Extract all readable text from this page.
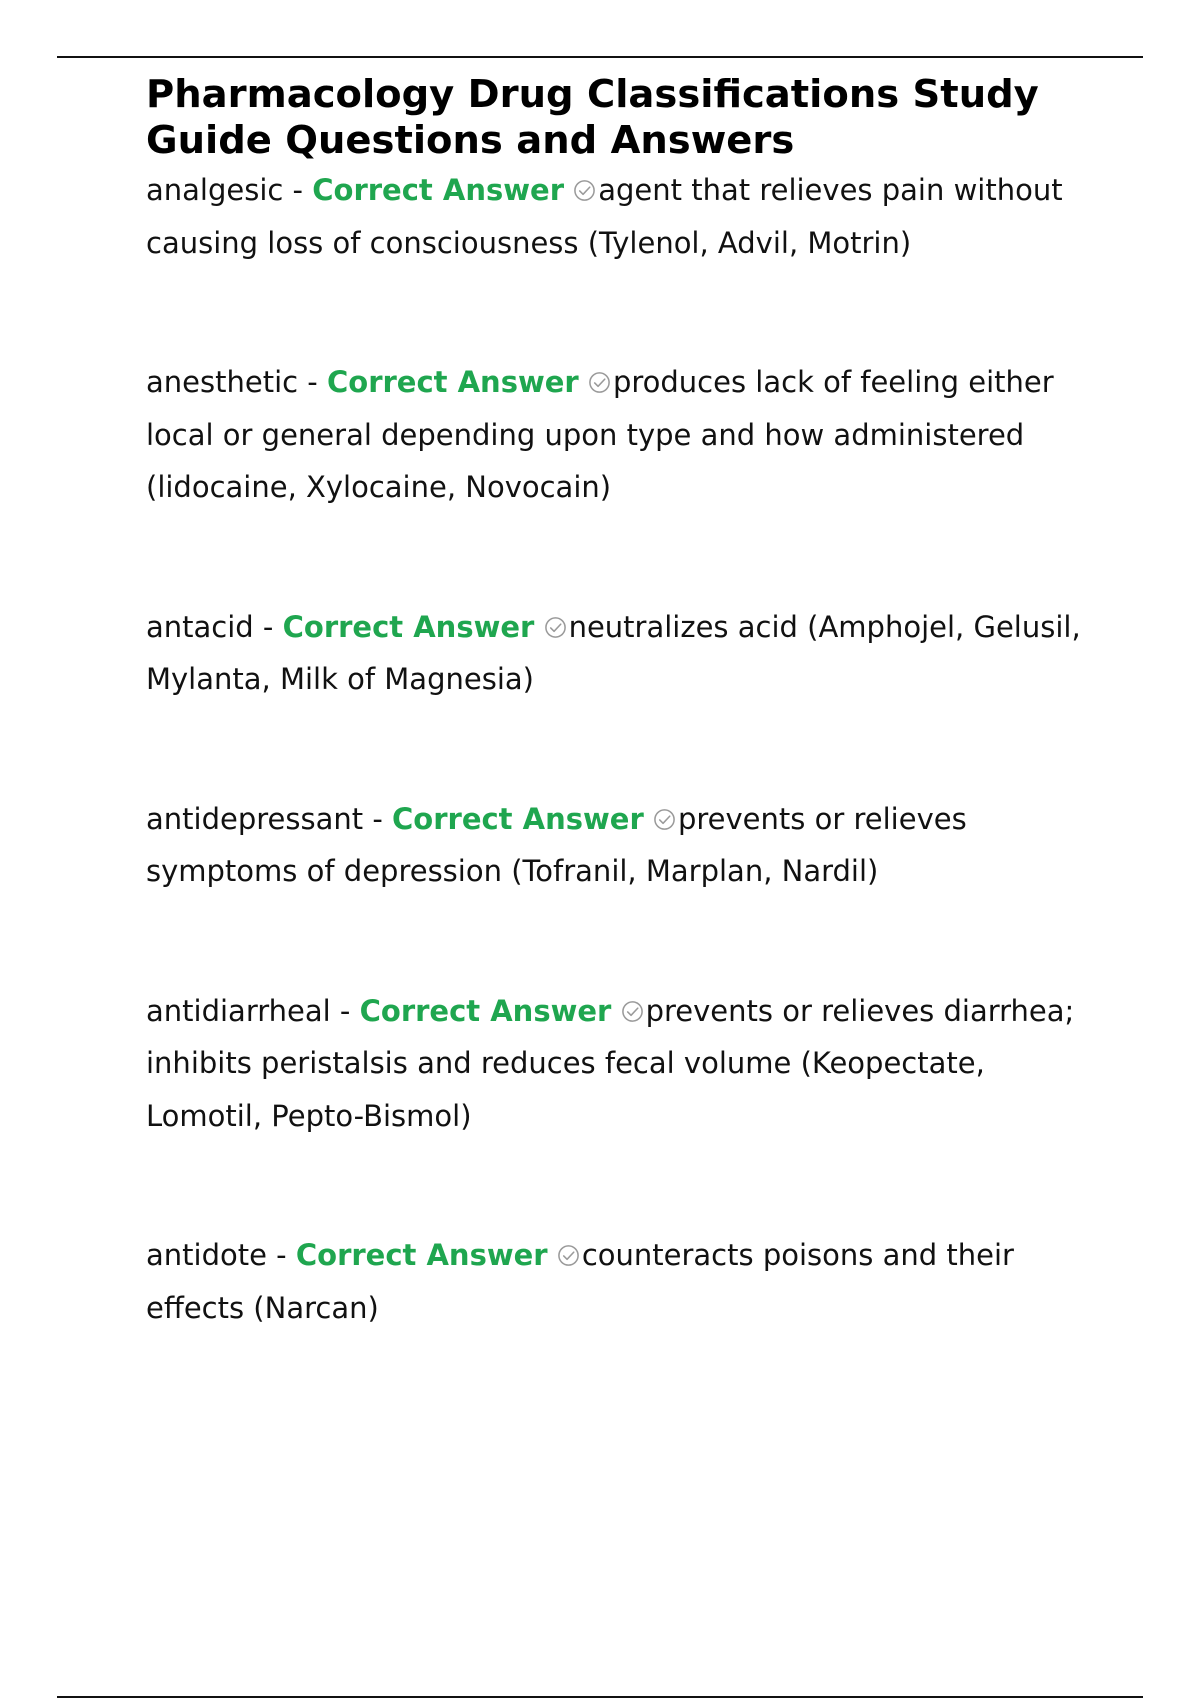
Pharmacology Drug Classifications Study Guide Questions and Answers

analgesic - Correct Answer agent that relieves pain without causing loss of consciousness (Tylenol, Advil, Motrin)

anesthetic - Correct Answer produces lack of feeling either local or general depending upon type and how administered (lidocaine, Xylocaine, Novocain)

antacid - Correct Answer neutralizes acid (Amphojel, Gelusil, Mylanta, Milk of Magnesia)

antidepressant - Correct Answer prevents or relieves symptoms of depression (Tofranil, Marplan, Nardil)

antidiarrheal - Correct Answer prevents or relieves diarrhea; inhibits peristalsis and reduces fecal volume (Keopectate, Lomotil, Pepto-Bismol)

antidote - Correct Answer counteracts poisons and their effects (Narcan)
